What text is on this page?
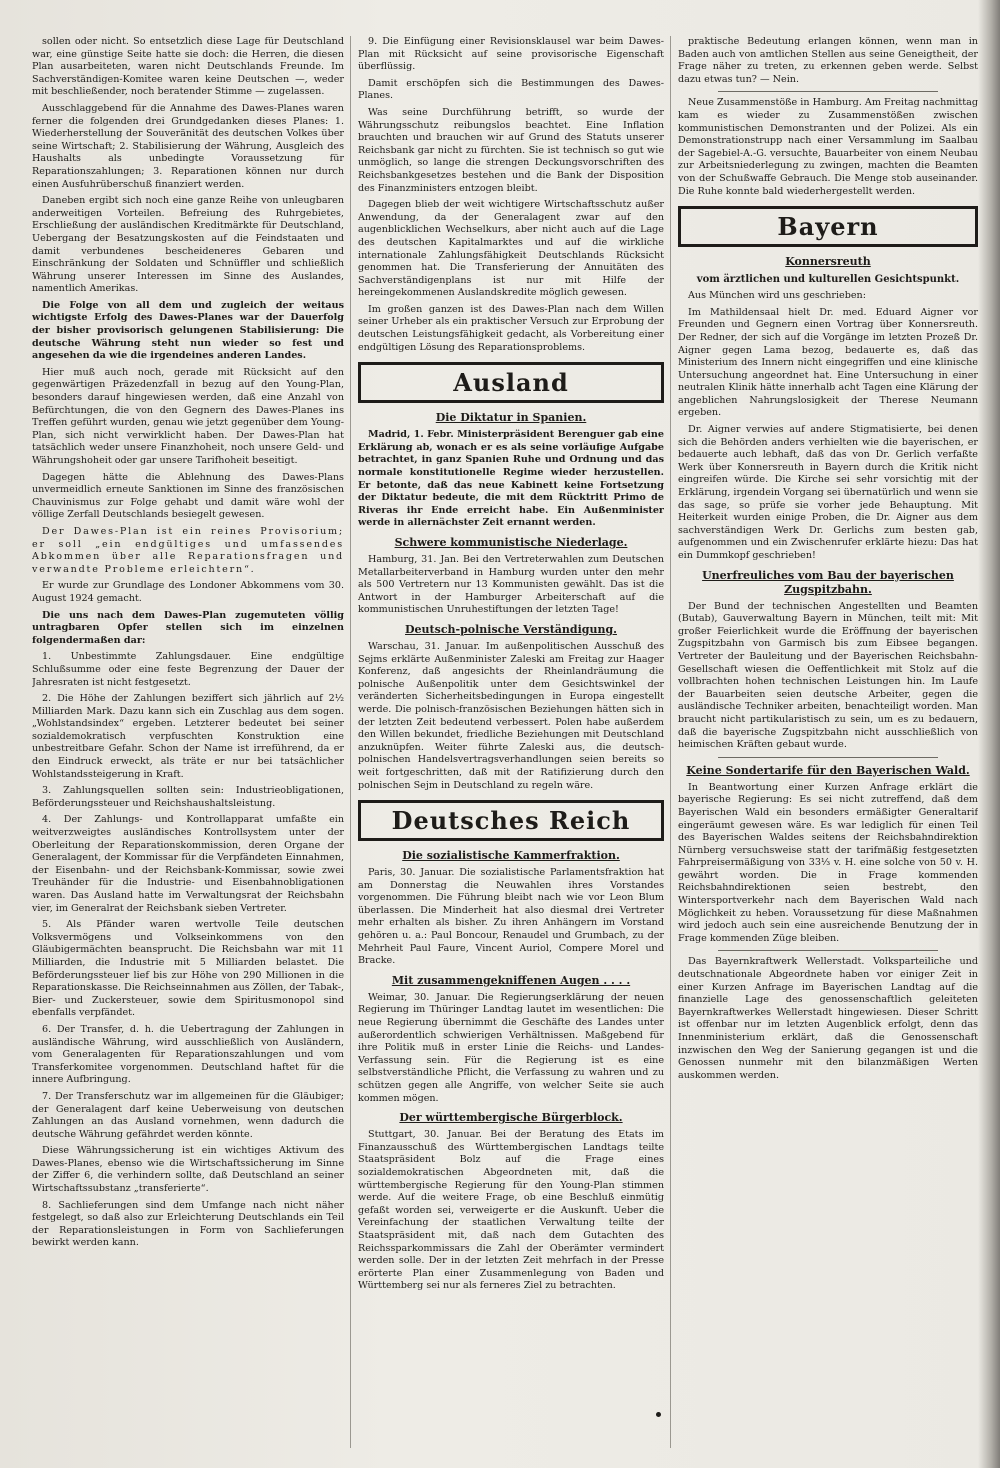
sollen oder nicht. So entsetzlich diese Lage für Deutschland war, eine günstige Seite hatte sie doch: die Herren, die diesen Plan ausarbeiteten, waren nicht Deutschlands Freunde. Im Sachverständigen-Komitee waren keine Deutschen —, weder mit beschließender, noch beratender Stimme — zugelassen.

Ausschlaggebend für die Annahme des Dawes-Planes waren ferner die folgenden drei Grundgedanken dieses Planes: 1. Wiederherstellung der Souveränität des deutschen Volkes über seine Wirtschaft; 2. Stabilisierung der Währung, Ausgleich des Haushalts als unbedingte Voraussetzung für Reparationszahlungen; 3. Reparationen können nur durch einen Ausfuhrüberschuß finanziert werden.

Daneben ergibt sich noch eine ganze Reihe von unleugbaren anderweitigen Vorteilen. Befreiung des Ruhrgebietes, Erschließung der ausländischen Kreditmärkte für Deutschland, Uebergang der Besatzungskosten auf die Feindstaaten und damit verbundenes bescheideneres Gebaren und Einschränkung der Soldaten und Schnüffler und schließlich Währung unserer Interessen im Sinne des Auslandes, namentlich Amerikas.

Die Folge von all dem und zugleich der weitaus wichtigste Erfolg des Dawes-Planes war der Dauerfolg der bisher provisorisch gelungenen Stabilisierung: Die deutsche Währung steht nun wieder so fest und angesehen da wie die irgendeines anderen Landes.

Hier muß auch noch, gerade mit Rücksicht auf den gegenwärtigen Präzedenzfall in bezug auf den Young-Plan, besonders darauf hingewiesen werden, daß eine Anzahl von Befürchtungen, die von den Gegnern des Dawes-Planes ins Treffen geführt wurden, genau wie jetzt gegenüber dem Young-Plan, sich nicht verwirklicht haben. Der Dawes-Plan hat tatsächlich weder unsere Finanzhoheit, noch unsere Geld- und Währungshoheit oder gar unsere Tarifhoheit beseitigt.

Dagegen hätte die Ablehnung des Dawes-Plans unvermeidlich erneute Sanktionen im Sinne des französischen Chauvinismus zur Folge gehabt und damit wäre wohl der völlige Zerfall Deutschlands besiegelt gewesen.

Der Dawes-Plan ist ein reines Provisorium; er soll „ein endgültiges und umfassendes Abkommen über alle Reparationsfragen und verwandte Probleme erleichtern“.

Er wurde zur Grundlage des Londoner Abkommens vom 30. August 1924 gemacht.

Die uns nach dem Dawes-Plan zugemuteten völlig untragbaren Opfer stellen sich im einzelnen folgendermaßen dar:

1. Unbestimmte Zahlungsdauer. Eine endgültige Schlußsumme oder eine feste Begrenzung der Dauer der Jahresraten ist nicht festgesetzt.

2. Die Höhe der Zahlungen beziffert sich jährlich auf 2½ Milliarden Mark. Dazu kann sich ein Zuschlag aus dem sogen. „Wohlstandsindex“ ergeben. Letzterer bedeutet bei seiner sozialdemokratisch verpfuschten Konstruktion eine unbestreitbare Gefahr. Schon der Name ist irreführend, da er den Eindruck erweckt, als träte er nur bei tatsächlicher Wohlstandssteigerung in Kraft.

3. Zahlungsquellen sollten sein: Industrieobligationen, Beförderungssteuer und Reichshaushaltsleistung.

4. Der Zahlungs- und Kontrollapparat umfaßte ein weitverzweigtes ausländisches Kontrollsystem unter der Oberleitung der Reparationskommission, deren Organe der Generalagent, der Kommissar für die Verpfändeten Einnahmen, der Eisenbahn- und der Reichsbank-Kommissar, sowie zwei Treuhänder für die Industrie- und Eisenbahnobligationen waren. Das Ausland hatte im Verwaltungsrat der Reichsbahn vier, im Generalrat der Reichsbank sieben Vertreter.

5. Als Pfänder waren wertvolle Teile deutschen Volksvermögens und Volkseinkommens von den Gläubigermächten beansprucht. Die Reichsbahn war mit 11 Milliarden, die Industrie mit 5 Milliarden belastet. Die Beförderungssteuer lief bis zur Höhe von 290 Millionen in die Reparationskasse. Die Reichseinnahmen aus Zöllen, der Tabak-, Bier- und Zuckersteuer, sowie dem Spiritusmonopol sind ebenfalls verpfändet.

6. Der Transfer, d. h. die Uebertragung der Zahlungen in ausländische Währung, wird ausschließlich von Ausländern, vom Generalagenten für Reparationszahlungen und vom Transferkomitee vorgenommen. Deutschland haftet für die innere Aufbringung.

7. Der Transferschutz war im allgemeinen für die Gläubiger; der Generalagent darf keine Ueberweisung von deutschen Zahlungen an das Ausland vornehmen, wenn dadurch die deutsche Währung gefährdet werden könnte.

Diese Währungssicherung ist ein wichtiges Aktivum des Dawes-Planes, ebenso wie die Wirtschaftssicherung im Sinne der Ziffer 6, die verhindern sollte, daß Deutschland an seiner Wirtschaftssubstanz „transferierte“.

8. Sachlieferungen sind dem Umfange nach nicht näher festgelegt, so daß also zur Erleichterung Deutschlands ein Teil der Reparationsleistungen in Form von Sachlieferungen bewirkt werden kann.

9. Die Einfügung einer Revisionsklausel war beim Dawes-Plan mit Rücksicht auf seine provisorische Eigenschaft überflüssig.

Damit erschöpfen sich die Bestimmungen des Dawes-Planes.

Was seine Durchführung betrifft, so wurde der Währungsschutz reibungslos beachtet. Eine Inflation brauchten und brauchen wir auf Grund des Statuts unserer Reichsbank gar nicht zu fürchten. Sie ist technisch so gut wie unmöglich, so lange die strengen Deckungsvorschriften des Reichsbankgesetzes bestehen und die Bank der Disposition des Finanzministers entzogen bleibt.

Dagegen blieb der weit wichtigere Wirtschaftsschutz außer Anwendung, da der Generalagent zwar auf den augenblicklichen Wechselkurs, aber nicht auch auf die Lage des deutschen Kapitalmarktes und auf die wirkliche internationale Zahlungsfähigkeit Deutschlands Rücksicht genommen hat. Die Transferierung der Annuitäten des Sachverständigenplans ist nur mit Hilfe der hereingekommenen Auslandskredite möglich gewesen.

Im großen ganzen ist des Dawes-Plan nach dem Willen seiner Urheber als ein praktischer Versuch zur Erprobung der deutschen Leistungsfähigkeit gedacht, als Vorbereitung einer endgültigen Lösung des Reparationsproblems.

Ausland
Die Diktatur in Spanien.

Madrid, 1. Febr. Ministerpräsident Berenguer gab eine Erklärung ab, wonach er es als seine vorläufige Aufgabe betrachtet, in ganz Spanien Ruhe und Ordnung und das normale konstitutionelle Regime wieder herzustellen. Er betonte, daß das neue Kabinett keine Fortsetzung der Diktatur bedeute, die mit dem Rücktritt Primo de Riveras ihr Ende erreicht habe. Ein Außenminister werde in allernächster Zeit ernannt werden.

Schwere kommunistische Niederlage.

Hamburg, 31. Jan. Bei den Vertreterwahlen zum Deutschen Metallarbeiterverband in Hamburg wurden unter den mehr als 500 Vertretern nur 13 Kommunisten gewählt. Das ist die Antwort in der Hamburger Arbeiterschaft auf die kommunistischen Unruhestiftungen der letzten Tage!

Deutsch-polnische Verständigung.

Warschau, 31. Januar. Im außenpolitischen Ausschuß des Sejms erklärte Außenminister Zaleski am Freitag zur Haager Konferenz, daß angesichts der Rheinlandräumung die polnische Außenpolitik unter dem Gesichtswinkel der veränderten Sicherheitsbedingungen in Europa eingestellt werde. Die polnisch-französischen Beziehungen hätten sich in der letzten Zeit bedeutend verbessert. Polen habe außerdem den Willen bekundet, friedliche Beziehungen mit Deutschland anzuknüpfen. Weiter führte Zaleski aus, die deutsch-polnischen Handelsvertragsverhandlungen seien bereits so weit fortgeschritten, daß mit der Ratifizierung durch den polnischen Sejm in Deutschland zu regeln wäre.

Deutsches Reich
Die sozialistische Kammerfraktion.

Paris, 30. Januar. Die sozialistische Parlamentsfraktion hat am Donnerstag die Neuwahlen ihres Vorstandes vorgenommen. Die Führung bleibt nach wie vor Leon Blum überlassen. Die Minderheit hat also diesmal drei Vertreter mehr erhalten als bisher. Zu ihren Anhängern im Vorstand gehören u. a.: Paul Boncour, Renaudel und Grumbach, zu der Mehrheit Paul Faure, Vincent Auriol, Compere Morel und Bracke.

Mit zusammengekniffenen Augen . . . .

Weimar, 30. Januar. Die Regierungserklärung der neuen Regierung im Thüringer Landtag lautet im wesentlichen: Die neue Regierung übernimmt die Geschäfte des Landes unter außerordentlich schwierigen Verhältnissen. Maßgebend für ihre Politik muß in erster Linie die Reichs- und Landes-Verfassung sein. Für die Regierung ist es eine selbstverständliche Pflicht, die Verfassung zu wahren und zu schützen gegen alle Angriffe, von welcher Seite sie auch kommen mögen.

Der württembergische Bürgerblock.

Stuttgart, 30. Januar. Bei der Beratung des Etats im Finanzausschuß des Württembergischen Landtags teilte Staatspräsident Bolz auf die Frage eines sozialdemokratischen Abgeordneten mit, daß die württembergische Regierung für den Young-Plan stimmen werde. Auf die weitere Frage, ob eine Beschluß einmütig gefaßt worden sei, verweigerte er die Auskunft. Ueber die Vereinfachung der staatlichen Verwaltung teilte der Staatspräsident mit, daß nach dem Gutachten des Reichssparkommissars die Zahl der Oberämter vermindert werden solle. Der in der letzten Zeit mehrfach in der Presse erörterte Plan einer Zusammenlegung von Baden und Württemberg sei nur als ferneres Ziel zu betrachten.

praktische Bedeutung erlangen können, wenn man in Baden auch von amtlichen Stellen aus seine Geneigtheit, der Frage näher zu treten, zu erkennen geben werde. Selbst dazu etwas tun? — Nein.

Neue Zusammenstöße in Hamburg. Am Freitag nachmittag kam es wieder zu Zusammenstößen zwischen kommunistischen Demonstranten und der Polizei. Als ein Demonstrationstrupp nach einer Versammlung im Saalbau der Sagebiel-A.-G. versuchte, Bauarbeiter von einem Neubau zur Arbeitsniederlegung zu zwingen, machten die Beamten von der Schußwaffe Gebrauch. Die Menge stob auseinander. Die Ruhe konnte bald wiederhergestellt werden.

Bayern
Konnersreuth
vom ärztlichen und kulturellen Gesichtspunkt.

Aus München wird uns geschrieben:

Im Mathildensaal hielt Dr. med. Eduard Aigner vor Freunden und Gegnern einen Vortrag über Konnersreuth. Der Redner, der sich auf die Vorgänge im letzten Prozeß Dr. Aigner gegen Lama bezog, bedauerte es, daß das Ministerium des Innern nicht eingegriffen und eine klinische Untersuchung angeordnet hat. Eine Untersuchung in einer neutralen Klinik hätte innerhalb acht Tagen eine Klärung der angeblichen Nahrungslosigkeit der Therese Neumann ergeben.

Dr. Aigner verwies auf andere Stigmatisierte, bei denen sich die Behörden anders verhielten wie die bayerischen, er bedauerte auch lebhaft, daß das von Dr. Gerlich verfaßte Werk über Konnersreuth in Bayern durch die Kritik nicht eingreifen würde. Die Kirche sei sehr vorsichtig mit der Erklärung, irgendein Vorgang sei übernatürlich und wenn sie das sage, so prüfe sie vorher jede Behauptung. Mit Heiterkeit wurden einige Proben, die Dr. Aigner aus dem sachverständigen Werk Dr. Gerlichs zum besten gab, aufgenommen und ein Zwischenrufer erklärte hiezu: Das hat ein Dummkopf geschrieben!

Unerfreuliches vom Bau der bayerischen Zugspitzbahn.

Der Bund der technischen Angestellten und Beamten (Butab), Gauverwaltung Bayern in München, teilt mit: Mit großer Feierlichkeit wurde die Eröffnung der bayerischen Zugspitzbahn von Garmisch bis zum Eibsee begangen. Vertreter der Bauleitung und der Bayerischen Reichsbahn-Gesellschaft wiesen die Oeffentlichkeit mit Stolz auf die vollbrachten hohen technischen Leistungen hin. Im Laufe der Bauarbeiten seien deutsche Arbeiter, gegen die ausländische Techniker arbeiten, benachteiligt worden. Man braucht nicht partikularistisch zu sein, um es zu bedauern, daß die bayerische Zugspitzbahn nicht ausschließlich von heimischen Kräften gebaut wurde.

Keine Sondertarife für den Bayerischen Wald.

In Beantwortung einer Kurzen Anfrage erklärt die bayerische Regierung: Es sei nicht zutreffend, daß dem Bayerischen Wald ein besonders ermäßigter Generaltarif eingeräumt gewesen wäre. Es war lediglich für einen Teil des Bayerischen Waldes seitens der Reichsbahndirektion Nürnberg versuchsweise statt der tarifmäßig festgesetzten Fahrpreisermäßigung von 33⅓ v. H. eine solche von 50 v. H. gewährt worden. Die in Frage kommenden Reichsbahndirektionen seien bestrebt, den Wintersportverkehr nach dem Bayerischen Wald nach Möglichkeit zu heben. Voraussetzung für diese Maßnahmen wird jedoch auch sein eine ausreichende Benutzung der in Frage kommenden Züge bleiben.

Das Bayernkraftwerk Wellerstadt. Volksparteiliche und deutschnationale Abgeordnete haben vor einiger Zeit in einer Kurzen Anfrage im Bayerischen Landtag auf die finanzielle Lage des genossenschaftlich geleiteten Bayernkraftwerkes Wellerstadt hingewiesen. Dieser Schritt ist offenbar nur im letzten Augenblick erfolgt, denn das Innenministerium erklärt, daß die Genossenschaft inzwischen den Weg der Sanierung gegangen ist und die Genossen nunmehr mit den bilanzmäßigen Werten auskommen werden.
